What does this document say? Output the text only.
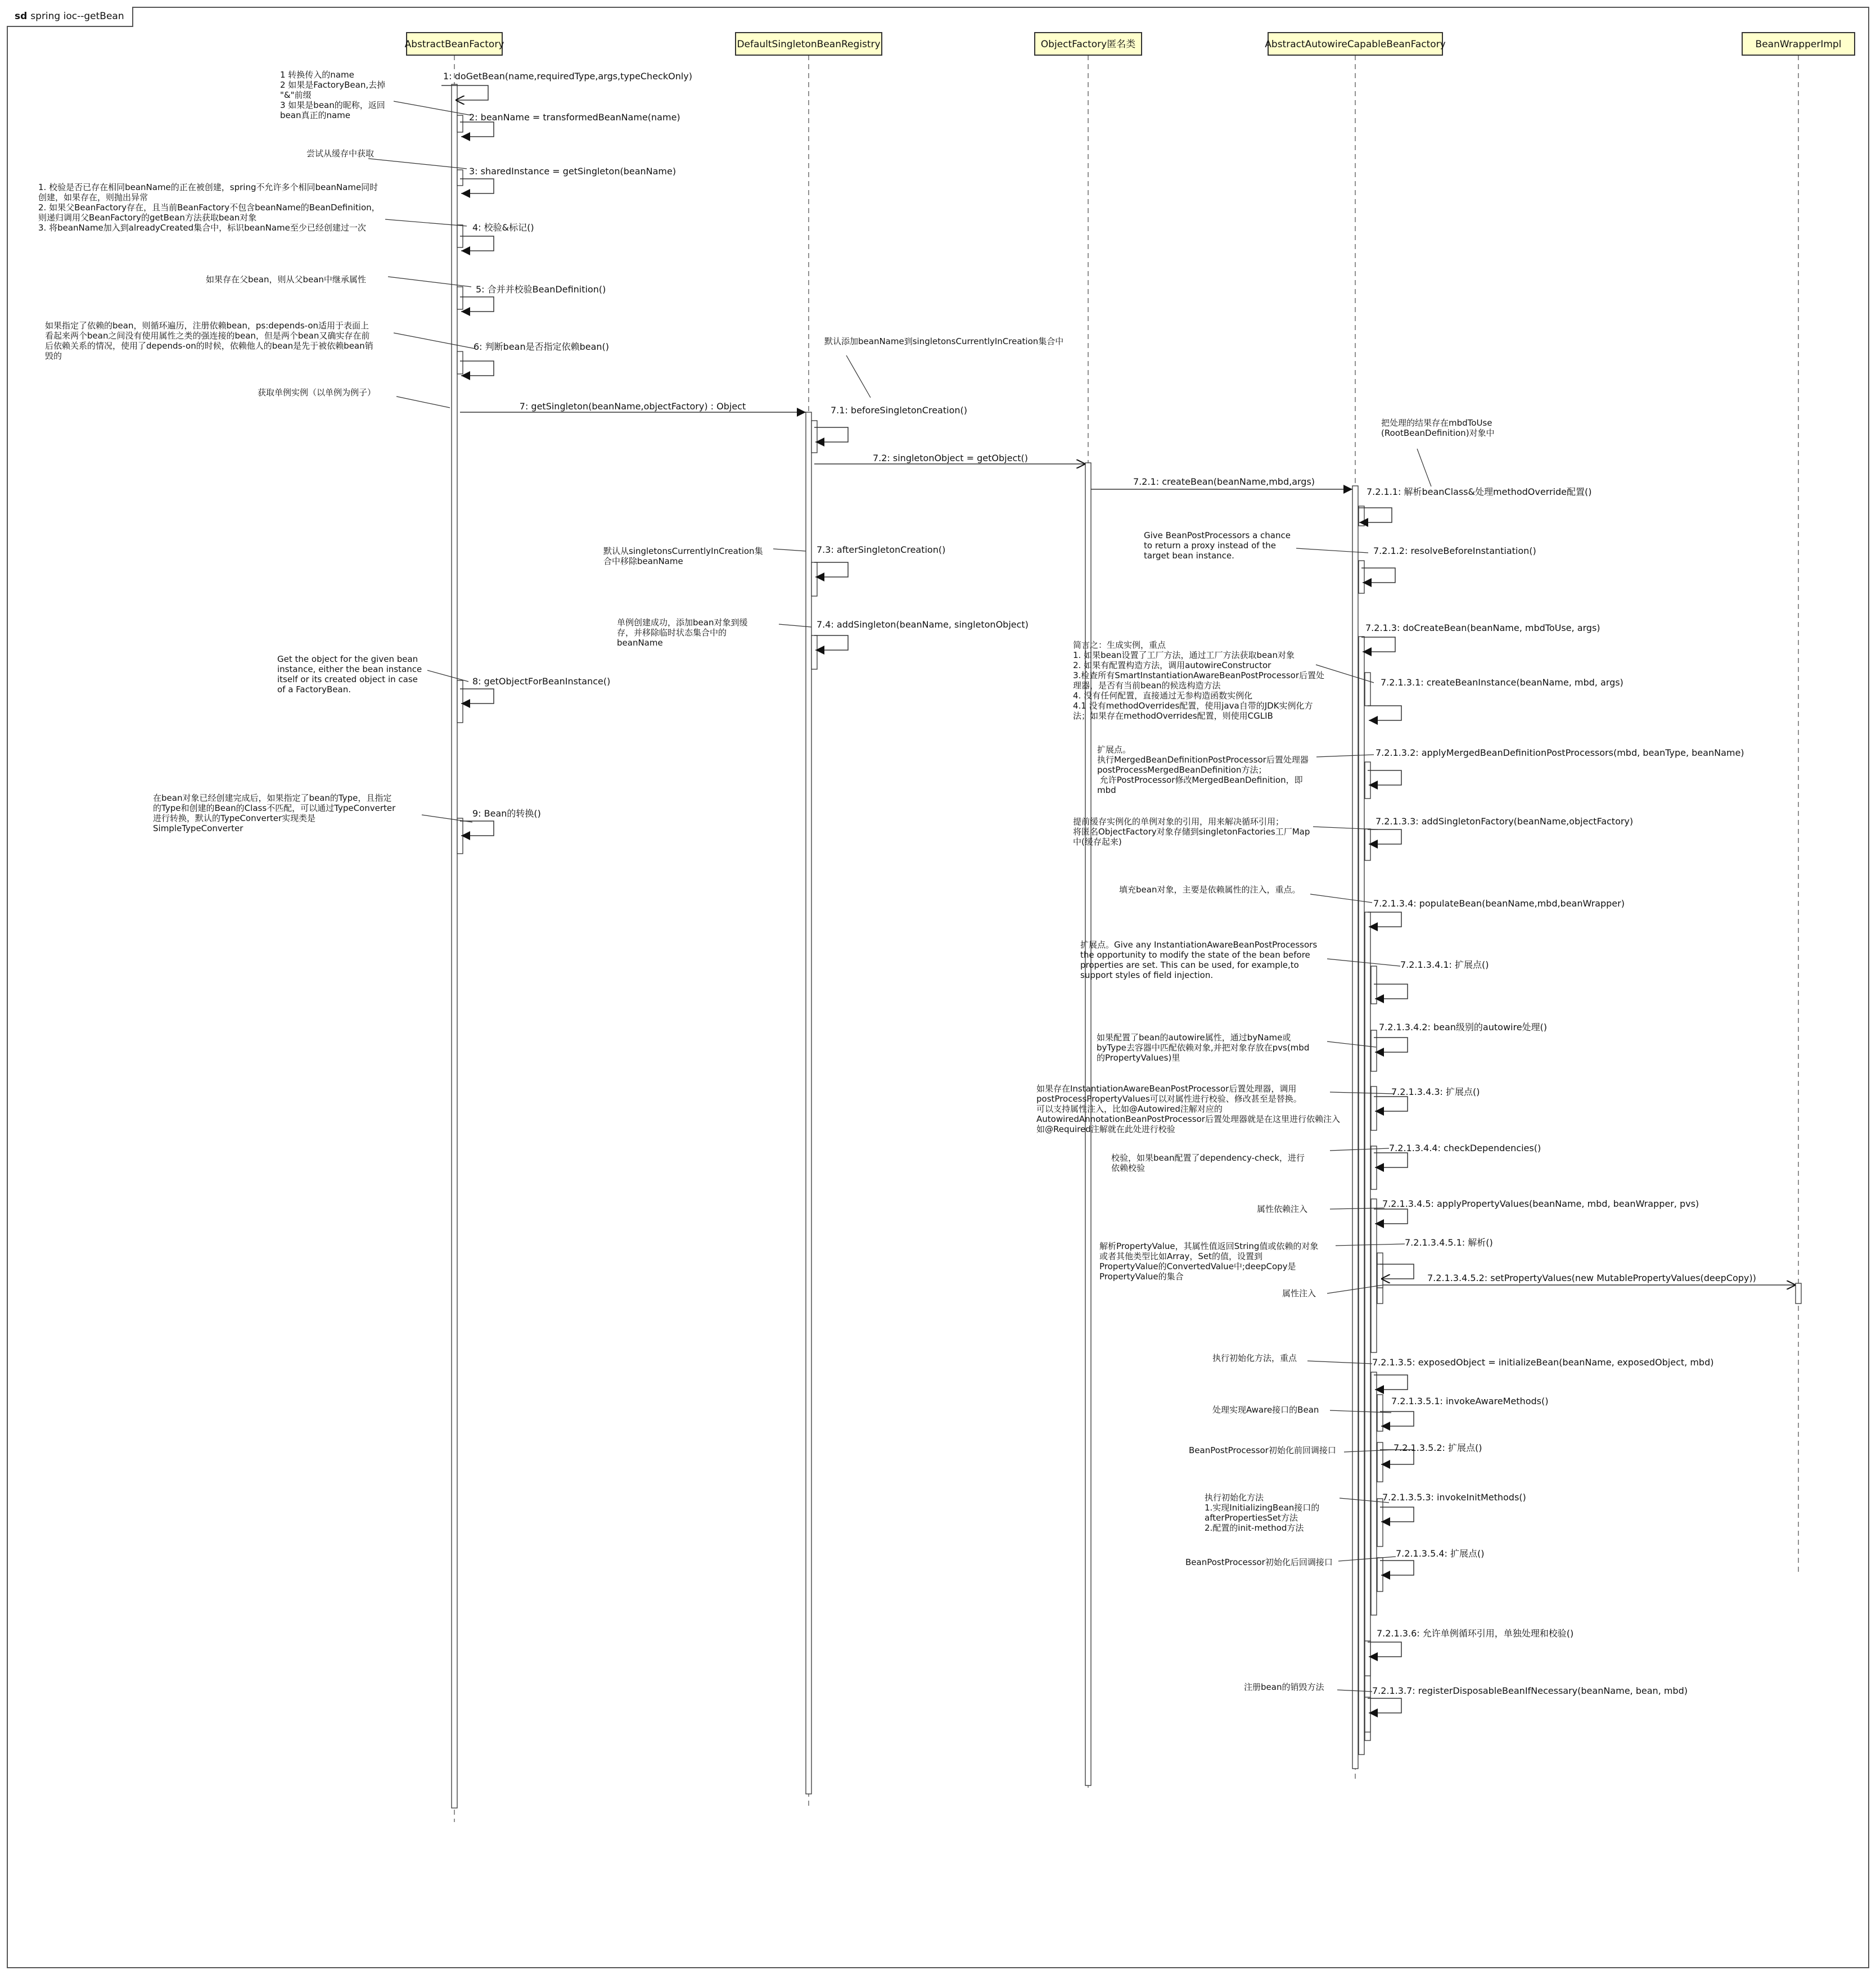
sd spring ioc--getBean
AbstractBeanFactory	DefaultSingletonBeanRegistry	ObjectFactory匿名类	AbstractAutowireCapableBeanFactory	BeanWrapperImpl
1: doGetBean(name,requiredType,args,typeCheckOnly)
2: beanName = transformedBeanName(name)
3: sharedInstance = getSingleton(beanName)
4: 校验&标记()
5: 合并并校验BeanDefinition()
6: 判断bean是否指定依赖bean()
7: getSingleton(beanName,objectFactory) : Object	7.1: beforeSingletonCreation()
7.2: singletonObject = getObject()
7.2.1: createBean(beanName,mbd,args)
7.2.1.1: 解析beanClass&处理methodOverride配置()
7.2.1.2: resolveBeforeInstantiation()
7.3: afterSingletonCreation()
7.2.1.3: doCreateBean(beanName, mbdToUse, args)
7.4: addSingleton(beanName, singletonObject)
8: getObjectForBeanInstance()	7.2.1.3.1: createBeanInstance(beanName, mbd, args)
7.2.1.3.2: applyMergedBeanDefinitionPostProcessors(mbd, beanType, beanName)
9: Bean的转换()
7.2.1.3.3: addSingletonFactory(beanName,objectFactory)
7.2.1.3.4: populateBean(beanName,mbd,beanWrapper)
7.2.1.3.4.1: 扩展点()
7.2.1.3.4.2: bean级别的autowire处理()
7.2.1.3.4.3: 扩展点()
7.2.1.3.4.4: checkDependencies()
7.2.1.3.4.5: applyPropertyValues(beanName, mbd, beanWrapper, pvs)
7.2.1.3.4.5.1: 解析()
7.2.1.3.4.5.2: setPropertyValues(new MutablePropertyValues(deepCopy))
7.2.1.3.5: exposedObject = initializeBean(beanName, exposedObject, mbd)
7.2.1.3.5.1: invokeAwareMethods()
7.2.1.3.5.2: 扩展点()
7.2.1.3.5.3: invokeInitMethods()
7.2.1.3.5.4: 扩展点()
7.2.1.3.6: 允许单例循环引用，单独处理和校验()
7.2.1.3.7: registerDisposableBeanIfNecessary(beanName, bean, mbd)
1 转换传入的name 2 如果是FactoryBean,去掉"&"前缀 3 如果是bean的昵称，返回 bean真正的name
尝试从缓存中获取
1. 校验是否已存在相同beanName的正在被创建，spring不允许多个相同beanName同时创建，如果存在，则抛出异常 2. 如果父BeanFactory存在，且当前BeanFactory不包含beanName的BeanDefinition，则递归调用父BeanFactory的getBean方法获取bean对象 3. 将beanName加入到alreadyCreated集合中，标识beanName至少已经创建过一次
如果存在父bean，则从父bean中继承属性
如果指定了依赖的bean，则循环遍历，注册依赖bean，ps:depends-on适用于表面上看起来两个bean之间没有使用属性之类的强连接的bean，但是两个bean又确实存在前后依赖关系的情况，使用了depends-on的时候，依赖他人的bean是先于被依赖bean销毁的
获取单例实例（以单例为例子）
默认添加beanName到singletonsCurrentlyInCreation集合中
把处理的结果存在mbdToUse (RootBeanDefinition)对象中
Give BeanPostProcessors a chance to return a proxy instead of the target bean instance.
默认从singletonsCurrentlyInCreation集合中移除beanName
单例创建成功，添加bean对象到缓存，并移除临时状态集合中的 beanName
Get the object for the given bean instance, either the bean instance itself or its created object in case of a FactoryBean.
简言之：生成实例，重点 1. 如果bean设置了工厂方法，通过工厂方法获取bean对象 2. 如果有配置构造方法，调用autowireConstructor 3.检查所有SmartInstantiationAwareBeanPostProcessor后置处理器，是否有当前bean的候选构造方法 4. 没有任何配置，直接通过无参构造函数实例化 4.1 没有methodOverrides配置，使用java自带的JDK实例化方法；如果存在methodOverrides配置，则使用CGLIB
扩展点。执行MergedBeanDefinitionPostProcessor后置处理器 postProcessMergedBeanDefinition方法； 允许PostProcessor修改MergedBeanDefinition，即 mbd
在bean对象已经创建完成后，如果指定了bean的Type，且指定的Type和创建的Bean的Class不匹配，可以通过TypeConverter 进行转换，默认的TypeConverter实现类是 SimpleTypeConverter
提前缓存实例化的单例对象的引用，用来解决循环引用；将匿名ObjectFactory对象存储到singletonFactories工厂Map 中(缓存起来)
填充bean对象，主要是依赖属性的注入，重点。
扩展点。Give any InstantiationAwareBeanPostProcessors the opportunity to modify the state of the bean before properties are set. This can be used, for example,to support styles of field injection.
如果配置了bean的autowire属性，通过byName或 byType去容器中匹配依赖对象,并把对象存放在pvs(mbd 的PropertyValues)里
如果存在InstantiationAwareBeanPostProcessor后置处理器，调用 postProcessPropertyValues可以对属性进行校验、修改甚至是替换。可以支持属性注入，比如@Autowired注解对应的 AutowiredAnnotationBeanPostProcessor后置处理器就是在这里进行依赖注入如@Required注解就在此处进行校验
校验，如果bean配置了dependency-check，进行依赖校验
属性依赖注入
解析PropertyValue，其属性值返回String值或依赖的对象或者其他类型比如Array，Set的值，设置到 PropertyValue的ConvertedValue中;deepCopy是 PropertyValue的集合
属性注入
执行初始化方法，重点
处理实现Aware接口的Bean
BeanPostProcessor初始化前回调接口
执行初始化方法 1.实现InitializingBean接口的 afterPropertiesSet方法 2.配置的init-method方法
BeanPostProcessor初始化后回调接口
注册bean的销毁方法
